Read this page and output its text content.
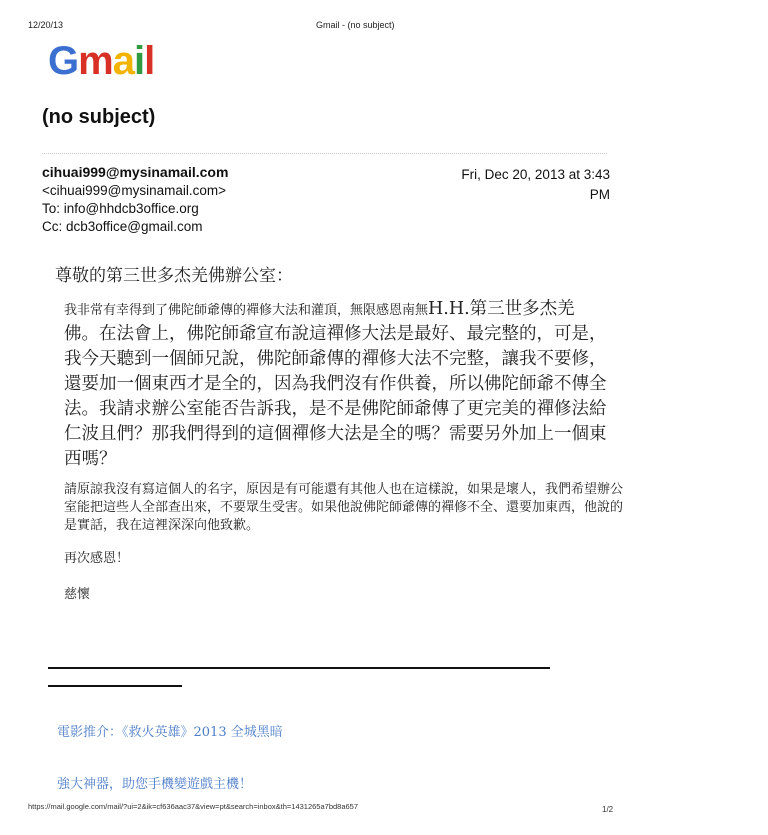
12/20/13	Gmail - (no subject)
Gmail
(no subject)
cihuai999@mysinamail.com
<cihuai999@mysinamail.com>
To: info@hhdcb3office.org
Cc: dcb3office@gmail.com
Fri, Dec 20, 2013 at 3:43
PM
尊敬的第三世多杰羌佛辦公室：
我非常有幸得到了佛陀師爺傳的禪修大法和灌頂，無限感恩南無H.H.第三世多杰羌佛。在法會上，佛陀師爺宣布說這禪修大法是最好、最完整的，可是，我今天聽到一個師兄說，佛陀師爺傳的禪修大法不完整，讓我不要修，還要加一個東西才是全的，因為我們沒有作供養，所以佛陀師爺不傳全法。我請求辦公室能否告訴我，是不是佛陀師爺傳了更完美的禪修法給仁波且們？那我們得到的這個禪修大法是全的嗎？需要另外加上一個東西嗎？
請原諒我沒有寫這個人的名字，原因是有可能還有其他人也在這樣說，如果是壞人，我們希望辦公室能把這些人全部查出來，不要眾生受害。如果他說佛陀師爺傳的禪修不全、還要加東西，他說的是實話，我在這裡深深向他致歉。
再次感恩！
慈懷
電影推介：《救火英雄》2013 全城黑暗
強大神器，助您手機變遊戲主機！
https://mail.google.com/mail/?ui=2&ik=cf636aac37&view=pt&search=inbox&th=1431265a7bd8a657	1/2
